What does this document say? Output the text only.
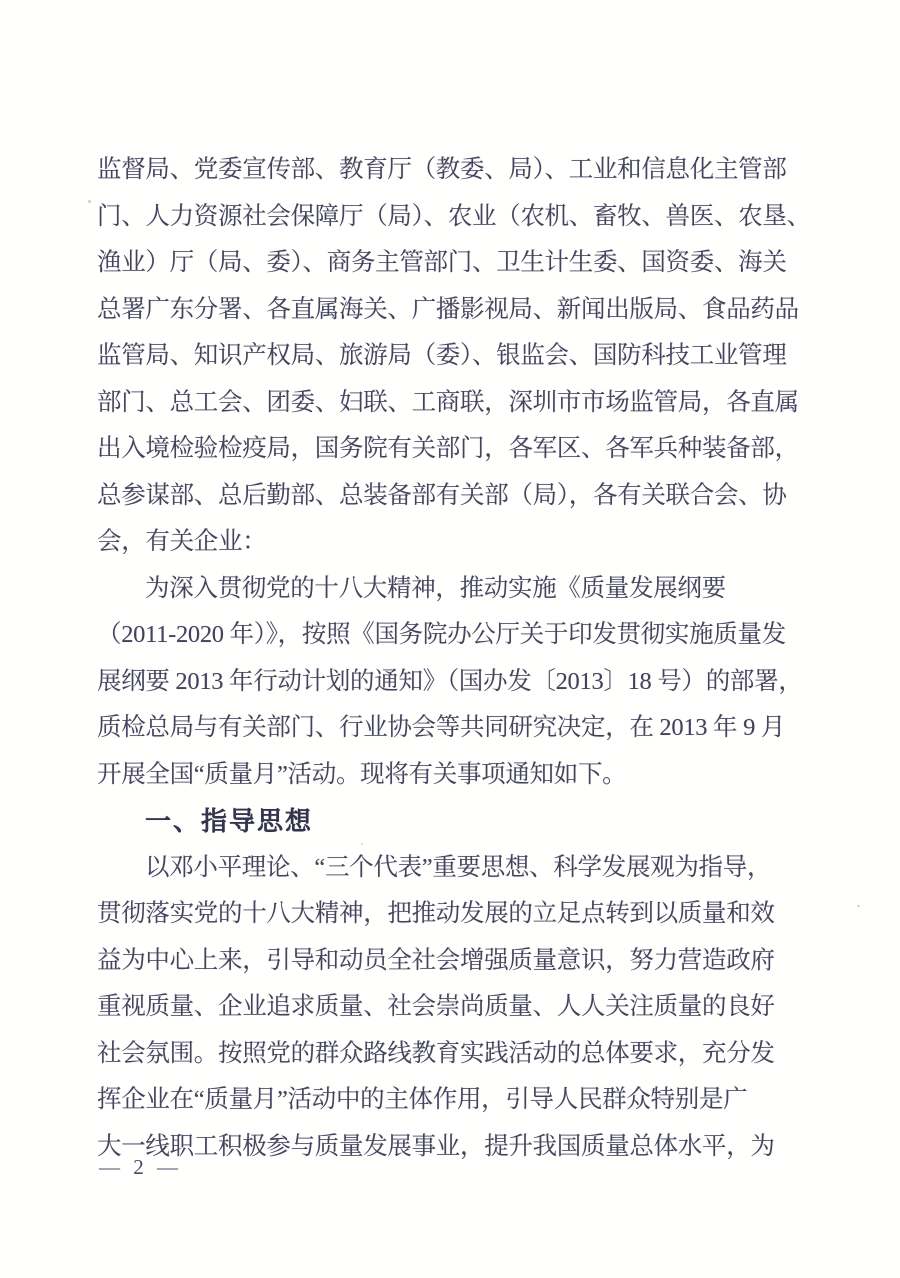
监督局、党委宣传部、教育厅（教委、局）、工业和信息化主管部
门、人力资源社会保障厅（局）、农业（农机、畜牧、兽医、农垦、
渔业）厅（局、委）、商务主管部门、卫生计生委、国资委、海关
总署广东分署、各直属海关、广播影视局、新闻出版局、食品药品
监管局、知识产权局、旅游局（委）、银监会、国防科技工业管理
部门、总工会、团委、妇联、工商联，深圳市市场监管局，各直属
出入境检验检疫局，国务院有关部门，各军区、各军兵种装备部，
总参谋部、总后勤部、总装备部有关部（局），各有关联合会、协
会，有关企业：
为深入贯彻党的十八大精神，推动实施《质量发展纲要
（2011-2020 年）》，按照《国务院办公厅关于印发贯彻实施质量发
展纲要 2013 年行动计划的通知》（国办发〔2013〕18 号）的部署，
质检总局与有关部门、行业协会等共同研究决定，在 2013 年 9 月
开展全国“质量月”活动。现将有关事项通知如下。
一、指导思想
以邓小平理论、“三个代表”重要思想、科学发展观为指导，
贯彻落实党的十八大精神，把推动发展的立足点转到以质量和效
益为中心上来，引导和动员全社会增强质量意识，努力营造政府
重视质量、企业追求质量、社会崇尚质量、人人关注质量的良好
社会氛围。按照党的群众路线教育实践活动的总体要求，充分发
挥企业在“质量月”活动中的主体作用，引导人民群众特别是广
大一线职工积极参与质量发展事业，提升我国质量总体水平，为
— 2 —
